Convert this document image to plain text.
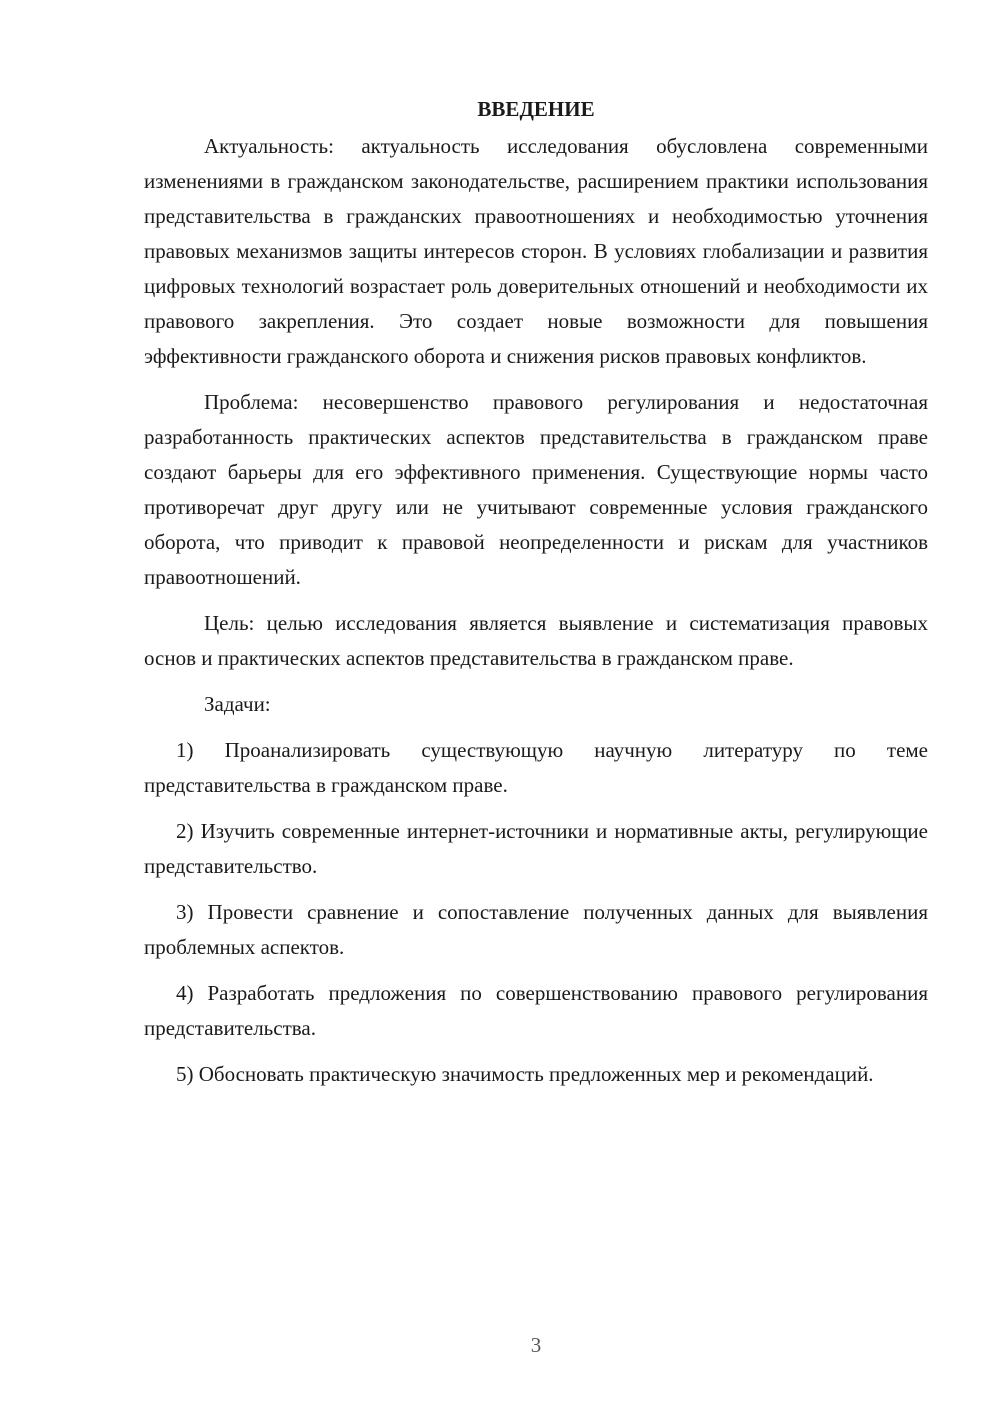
ВВЕДЕНИЕ

Актуальность: актуальность исследования обусловлена современными изменениями в гражданском законодательстве, расширением практики использования представительства в гражданских правоотношениях и необходимостью уточнения правовых механизмов защиты интересов сторон. В условиях глобализации и развития цифровых технологий возрастает роль доверительных отношений и необходимости их правового закрепления. Это создает новые возможности для повышения эффективности гражданского оборота и снижения рисков правовых конфликтов.

Проблема: несовершенство правового регулирования и недостаточная разработанность практических аспектов представительства в гражданском праве создают барьеры для его эффективного применения. Существующие нормы часто противоречат друг другу или не учитывают современные условия гражданского оборота, что приводит к правовой неопределенности и рискам для участников правоотношений.

Цель: целью исследования является выявление и систематизация правовых основ и практических аспектов представительства в гражданском праве.

Задачи:

1) Проанализировать существующую научную литературу по теме представительства в гражданском праве.

2) Изучить современные интернет-источники и нормативные акты, регулирующие представительство.

3) Провести сравнение и сопоставление полученных данных для выявления проблемных аспектов.

4) Разработать предложения по совершенствованию правового регулирования представительства.

5) Обосновать практическую значимость предложенных мер и рекомендаций.

3
